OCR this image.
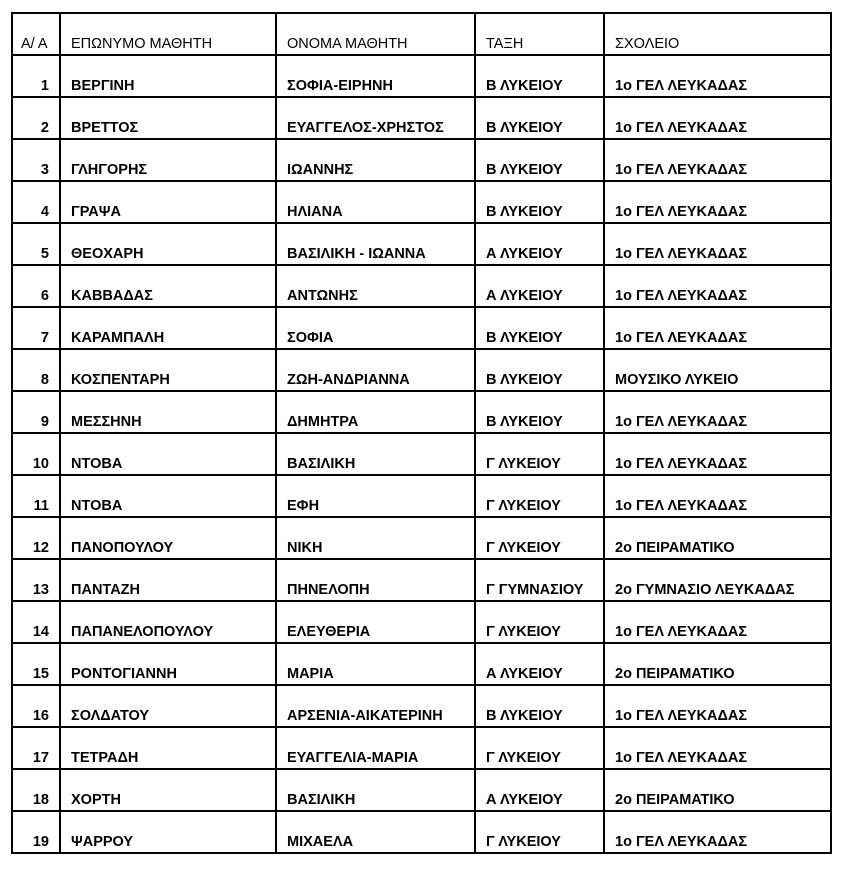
Α/ Α	ΕΠΩΝΥΜΟ ΜΑΘΗΤΗ	ΟΝΟΜΑ ΜΑΘΗΤΗ	ΤΑΞΗ	ΣΧΟΛΕΙΟ
1	ΒΕΡΓΙΝΗ	ΣΟΦΙΑ-ΕΙΡΗΝΗ	Β ΛΥΚΕΙΟΥ	1ο ΓΕΛ ΛΕΥΚΑΔΑΣ
2	ΒΡΕΤΤΟΣ	ΕΥΑΓΓΕΛΟΣ-ΧΡΗΣΤΟΣ	Β ΛΥΚΕΙΟΥ	1ο ΓΕΛ ΛΕΥΚΑΔΑΣ
3	ΓΛΗΓΟΡΗΣ	ΙΩΑΝΝΗΣ	Β ΛΥΚΕΙΟΥ	1ο ΓΕΛ ΛΕΥΚΑΔΑΣ
4	ΓΡΑΨΑ	ΗΛΙΑΝΑ	Β ΛΥΚΕΙΟΥ	1ο ΓΕΛ ΛΕΥΚΑΔΑΣ
5	ΘΕΟΧΑΡΗ	ΒΑΣΙΛΙΚΗ - ΙΩΑΝΝΑ	Α ΛΥΚΕΙΟΥ	1ο ΓΕΛ ΛΕΥΚΑΔΑΣ
6	ΚΑΒΒΑΔΑΣ	ΑΝΤΩΝΗΣ	Α ΛΥΚΕΙΟΥ	1ο ΓΕΛ ΛΕΥΚΑΔΑΣ
7	ΚΑΡΑΜΠΑΛΗ	ΣΟΦΙΑ	Β ΛΥΚΕΙΟΥ	1ο ΓΕΛ ΛΕΥΚΑΔΑΣ
8	ΚΟΣΠΕΝΤΑΡΗ	ΖΩΗ-ΑΝΔΡΙΑΝΝΑ	Β ΛΥΚΕΙΟΥ	ΜΟΥΣΙΚΟ ΛΥΚΕΙΟ
9	ΜΕΣΣΗΝΗ	ΔΗΜΗΤΡΑ	Β ΛΥΚΕΙΟΥ	1ο ΓΕΛ ΛΕΥΚΑΔΑΣ
10	ΝΤΟΒΑ	ΒΑΣΙΛΙΚΗ	Γ ΛΥΚΕΙΟΥ	1ο ΓΕΛ ΛΕΥΚΑΔΑΣ
11	ΝΤΟΒΑ	ΕΦΗ	Γ ΛΥΚΕΙΟΥ	1ο ΓΕΛ ΛΕΥΚΑΔΑΣ
12	ΠΑΝΟΠΟΥΛΟΥ	ΝΙΚΗ	Γ ΛΥΚΕΙΟΥ	2ο ΠΕΙΡΑΜΑΤΙΚΟ
13	ΠΑΝΤΑΖΗ	ΠΗΝΕΛΟΠΗ	Γ ΓΥΜΝΑΣΙΟΥ	2ο ΓΥΜΝΑΣΙΟ ΛΕΥΚΑΔΑΣ
14	ΠΑΠΑΝΕΛΟΠΟΥΛΟΥ	ΕΛΕΥΘΕΡΙΑ	Γ ΛΥΚΕΙΟΥ	1ο ΓΕΛ ΛΕΥΚΑΔΑΣ
15	ΡΟΝΤΟΓΙΑΝΝΗ	ΜΑΡΙΑ	Α ΛΥΚΕΙΟΥ	2ο ΠΕΙΡΑΜΑΤΙΚΟ
16	ΣΟΛΔΑΤΟΥ	ΑΡΣΕΝΙΑ-ΑΙΚΑΤΕΡΙΝΗ	Β ΛΥΚΕΙΟΥ	1ο ΓΕΛ ΛΕΥΚΑΔΑΣ
17	ΤΕΤΡΑΔΗ	ΕΥΑΓΓΕΛΙΑ-ΜΑΡΙΑ	Γ ΛΥΚΕΙΟΥ	1ο ΓΕΛ ΛΕΥΚΑΔΑΣ
18	ΧΟΡΤΗ	ΒΑΣΙΛΙΚΗ	Α ΛΥΚΕΙΟΥ	2ο ΠΕΙΡΑΜΑΤΙΚΟ
19	ΨΑΡΡΟΥ	ΜΙΧΑΕΛΑ	Γ ΛΥΚΕΙΟΥ	1ο ΓΕΛ ΛΕΥΚΑΔΑΣ
